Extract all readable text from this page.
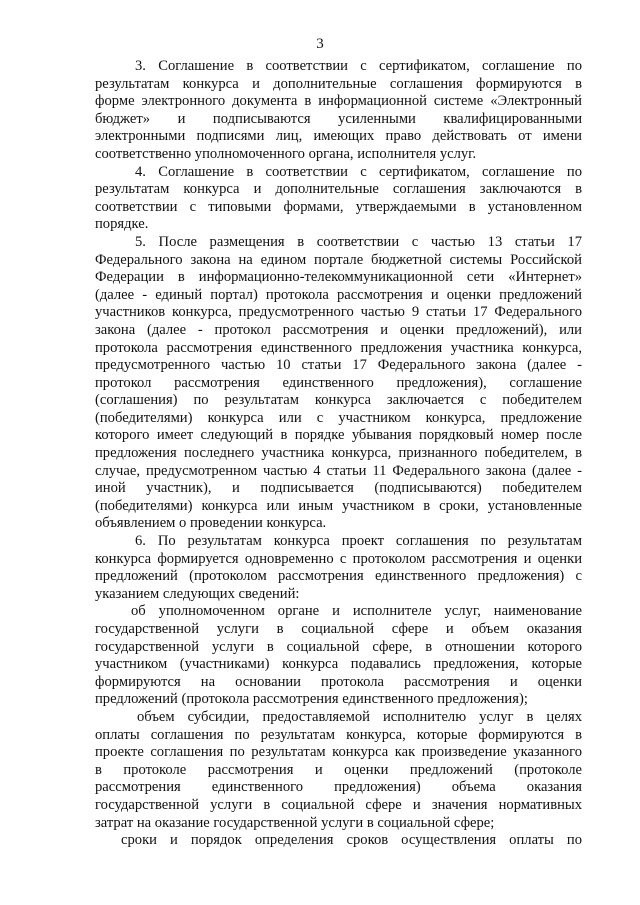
3
3. Соглашение в соответствии с сертификатом, соглашение по
результатам конкурса и дополнительные соглашения формируются в
форме электронного документа в информационной системе «Электронный
бюджет» и подписываются усиленными квалифицированными
электронными подписями лиц, имеющих право действовать от имени
соответственно уполномоченного органа, исполнителя услуг.
4. Соглашение в соответствии с сертификатом, соглашение по
результатам конкурса и дополнительные соглашения заключаются в
соответствии с типовыми формами, утверждаемыми в установленном
порядке.
5. После размещения в соответствии с частью 13 статьи 17
Федерального закона на едином портале бюджетной системы Российской
Федерации в информационно-телекоммуникационной сети «Интернет»
(далее - единый портал) протокола рассмотрения и оценки предложений
участников конкурса, предусмотренного частью 9 статьи 17 Федерального
закона (далее - протокол рассмотрения и оценки предложений), или
протокола рассмотрения единственного предложения участника конкурса,
предусмотренного частью 10 статьи 17 Федерального закона (далее -
протокол рассмотрения единственного предложения), соглашение
(соглашения) по результатам конкурса заключается с победителем
(победителями) конкурса или с участником конкурса, предложение
которого имеет следующий в порядке убывания порядковый номер после
предложения последнего участника конкурса, признанного победителем, в
случае, предусмотренном частью 4 статьи 11 Федерального закона (далее -
иной участник), и подписывается (подписываются) победителем
(победителями) конкурса или иным участником в сроки, установленные
объявлением о проведении конкурса.
6. По результатам конкурса проект соглашения по результатам
конкурса формируется одновременно с протоколом рассмотрения и оценки
предложений (протоколом рассмотрения единственного предложения) с
указанием следующих сведений:
об уполномоченном органе и исполнителе услуг, наименование
государственной услуги в социальной сфере и объем оказания
государственной услуги в социальной сфере, в отношении которого
участником (участниками) конкурса подавались предложения, которые
формируются на основании протокола рассмотрения и оценки
предложений (протокола рассмотрения единственного предложения);
объем субсидии, предоставляемой исполнителю услуг в целях
оплаты соглашения по результатам конкурса, которые формируются в
проекте соглашения по результатам конкурса как произведение указанного
в протоколе рассмотрения и оценки предложений (протоколе
рассмотрения единственного предложения) объема оказания
государственной услуги в социальной сфере и значения нормативных
затрат на оказание государственной услуги в социальной сфере;
сроки и порядок определения сроков осуществления оплаты по
